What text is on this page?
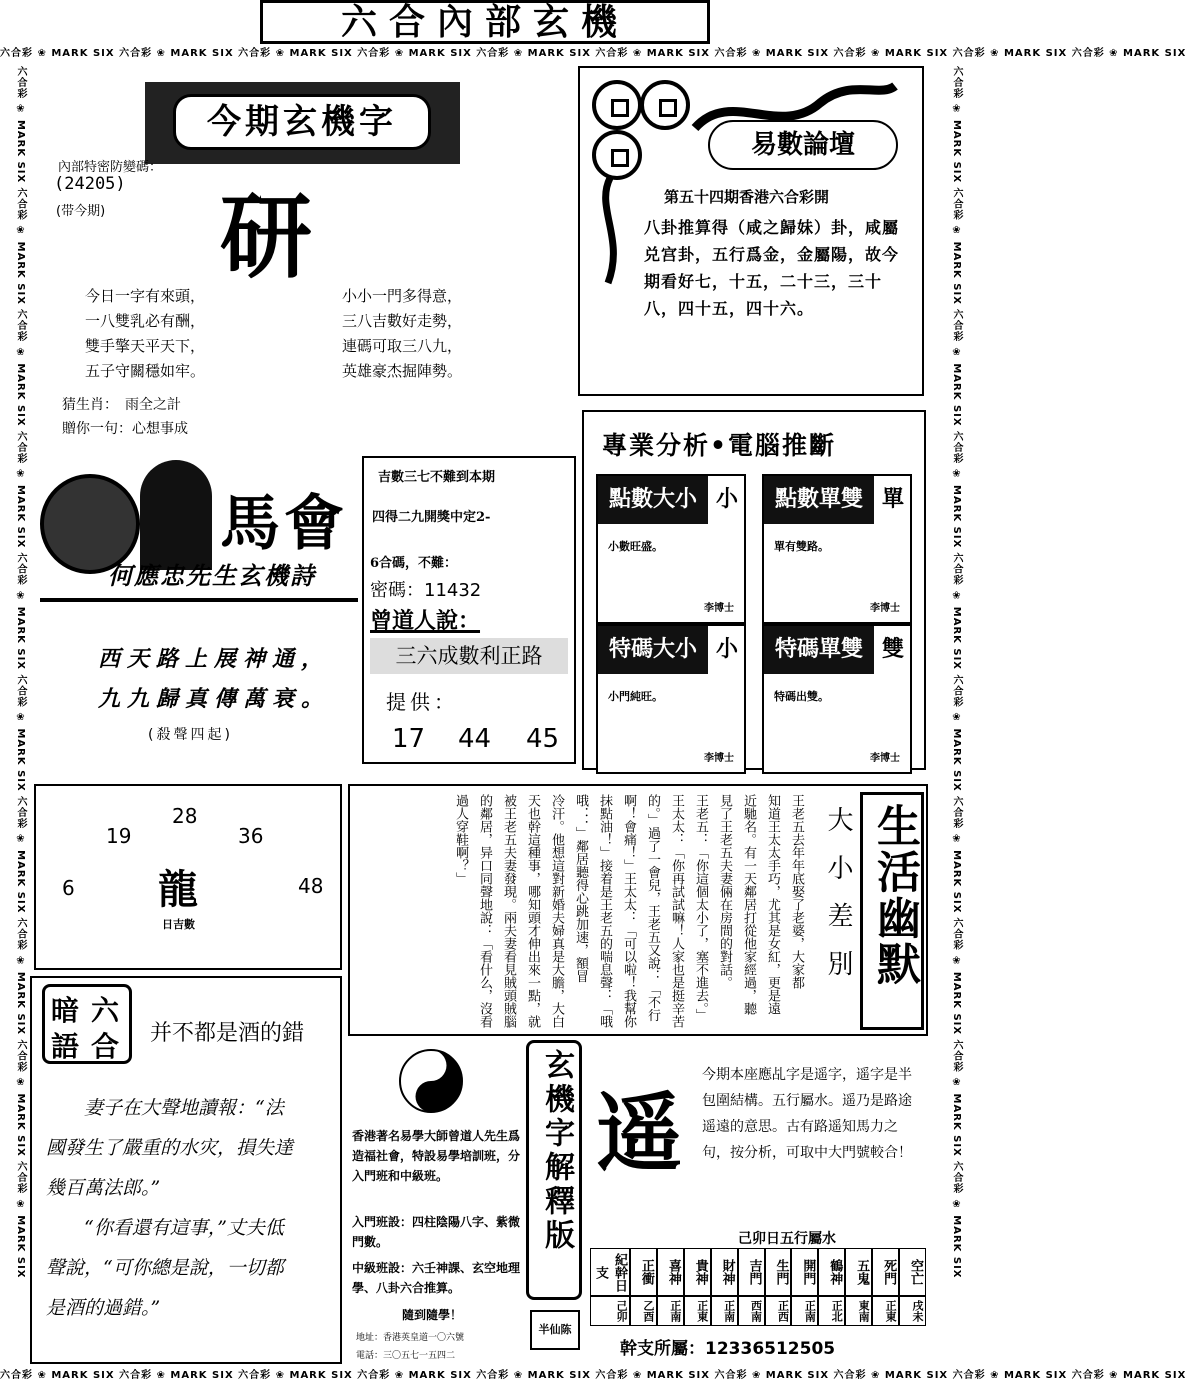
六合內部玄機
六合彩 ❀ MARK SIX 六合彩 ❀ MARK SIX 六合彩 ❀ MARK SIX 六合彩 ❀ MARK SIX 六合彩 ❀ MARK SIX 六合彩 ❀ MARK SIX 六合彩 ❀ MARK SIX 六合彩 ❀ MARK SIX 六合彩 ❀ MARK SIX 六合彩 ❀ MARK SIX
六合彩 ❀ MARK SIX 六合彩 ❀ MARK SIX 六合彩 ❀ MARK SIX 六合彩 ❀ MARK SIX 六合彩 ❀ MARK SIX 六合彩 ❀ MARK SIX 六合彩 ❀ MARK SIX 六合彩 ❀ MARK SIX 六合彩 ❀ MARK SIX 六合彩 ❀ MARK SIX
六合彩 ❀ MARK SIX 六合彩 ❀ MARK SIX 六合彩 ❀ MARK SIX 六合彩 ❀ MARK SIX 六合彩 ❀ MARK SIX 六合彩 ❀ MARK SIX 六合彩 ❀ MARK SIX 六合彩 ❀ MARK SIX 六合彩 ❀ MARK SIX 六合彩 ❀ MARK SIX	六合彩 ❀ MARK SIX 六合彩 ❀ MARK SIX 六合彩 ❀ MARK SIX 六合彩 ❀ MARK SIX 六合彩 ❀ MARK SIX 六合彩 ❀ MARK SIX 六合彩 ❀ MARK SIX 六合彩 ❀ MARK SIX 六合彩 ❀ MARK SIX 六合彩 ❀ MARK SIX
今期玄機字
內部特密防變碼：
(24205)
(带今期) 研
今日一字有來頭，
一八雙乳必有酬，
雙手擎天平天下，
五子守關穩如牢。
小小一門多得意，
三八吉數好走勢，
連碼可取三八九，
英雄豪杰掘陣勢。
猜生肖：　雨全之計
贈你一句：心想事成
易數論壇
第五十四期香港六合彩開
八卦推算得（咸之歸妹）卦，咸屬兑宫卦，五行爲金，金屬陽，故今期看好七，十五，二十三，三十八，四十五，四十六。
馬會
何應忠先生玄機詩
西天路上展神通，
九九歸真傳萬衰。
(殺聲四起)
吉數三七不難到本期
四得二九開獎中定2-
6合碼，不難：
密碼：11432
曾道人說：
三六成數利正路
提供：
17 44 45
專業分析•電腦推斷
點數大小 小
小數旺盛。
李博士
點數單雙 單
單有雙路。
李博士
特碼大小 小
小門純旺。
李博士
特碼單雙 雙
特碼出雙。
李博士
28
19	36
6	48
龍
日吉數	王老五去年年底娶了老婆，大家都
知道王太太手巧，尤其是女紅，更是遠
近馳名。有一天鄰居打從他家經過，聽
見了王老五夫妻倆在房間的對話。
王老五：「你這個太小了，塞不進去。」
王太太：「你再試試嘛！人家也是挺辛苦
的。」過了一會兒，王老五又說：「不行
啊！會痛！」王太太：「可以啦！我幫你
抹點油！」接着是王老五的喘息聲：「哦
哦．．．」鄰居聽得心跳加速，額冒
冷汗。他想這對新婚夫婦真是大膽，大白
天也幹這種事，哪知頭才伸出來一點，就
被王老五夫妻發現。兩夫妻看見賊頭賊腦
的鄰居，异口同聲地說：「看什么，沒看
過人穿鞋啊？」	大小差別 生活幽默
暗 六
語 合 并不都是酒的錯
妻子在大聲地讀報：“法
國發生了嚴重的水灾，損失達
幾百萬法郎。”
“你看還有這事，”丈夫低
聲說，“可你總是說，一切都
是酒的過錯。”
香港著名易學大師曾道人先生爲造福社會，特設易學培訓班，分入門班和中級班。
入門班設：四柱陰陽八字、紫微門數。
中級班設：六壬神課、玄空地理學、八卦六合推算。
隨到隨學！
地址：香港英皇道一〇六號
電話：三〇五七一五四二
玄機字解釋版
半仙陈
遥
今期本座應乩字是遥字，遥字是半包圍結構。五行屬水。遥乃是路途遥遠的意思。古有路遥知馬力之句，按分析，可取中大門號較合！
己卯日五行屬水
紀幹日支	正衝 喜神 貴神 財神 吉門 生門 開門 鶴神 五鬼 死門 空亡
己卯	乙酉	正南	正東	正南	西南	正西	正南	正北	東南	正東	戌未
幹支所屬：12336512505
